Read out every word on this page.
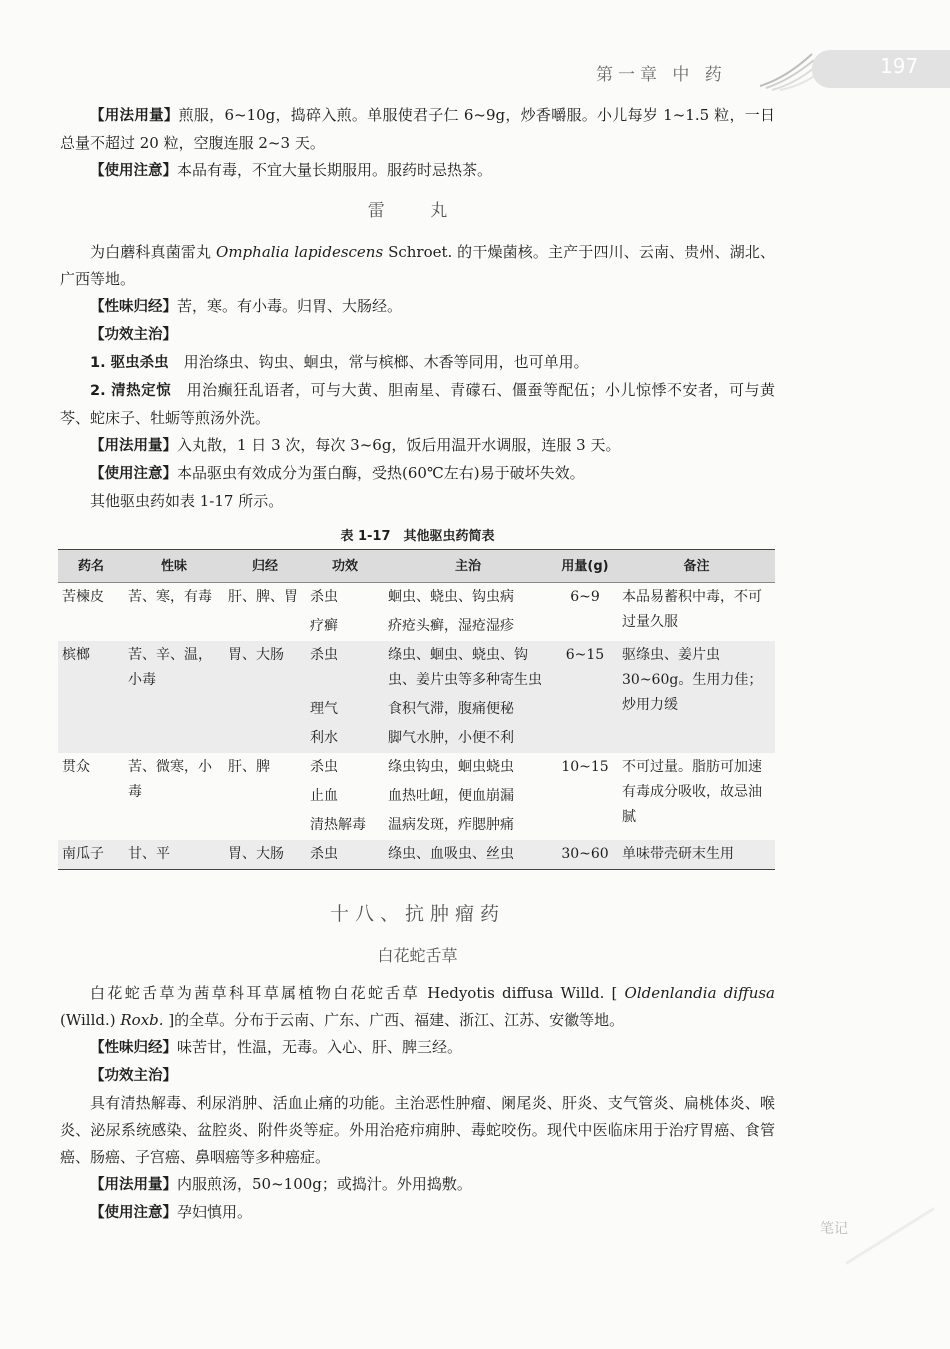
第一章 中 药	197

【用法用量】煎服，6~10g，捣碎入煎。单服使君子仁 6~9g，炒香嚼服。小儿每岁 1~1.5 粒，一日总量不超过 20 粒，空腹连服 2~3 天。

【使用注意】本品有毒，不宜大量长期服用。服药时忌热茶。

雷 丸

为白蘑科真菌雷丸 Omphalia lapidescens Schroet. 的干燥菌核。主产于四川、云南、贵州、湖北、广西等地。

【性味归经】苦，寒。有小毒。归胃、大肠经。

【功效主治】

1. 驱虫杀虫　用治绦虫、钩虫、蛔虫，常与槟榔、木香等同用，也可单用。

2. 清热定惊　用治癫狂乱语者，可与大黄、胆南星、青礞石、僵蚕等配伍；小儿惊悸不安者，可与黄芩、蛇床子、牡蛎等煎汤外洗。

【用法用量】入丸散，1 日 3 次，每次 3~6g，饭后用温开水调服，连服 3 天。

【使用注意】本品驱虫有效成分为蛋白酶，受热(60℃左右)易于破坏失效。

其他驱虫药如表 1-17 所示。

表 1-17　其他驱虫药简表
药名	性味	归经	功效	主治	用量(g)	备注
苦楝皮	苦、寒，有毒	肝、脾、胃	杀虫	蛔虫、蛲虫、钩虫病	6~9	本品易蓄积中毒，不可过量久服
			疗癣	疥疮头癣，湿疮湿疹		
槟榔	苦、辛、温，小毒	胃、大肠	杀虫	绦虫、蛔虫、蛲虫、钩虫、姜片虫等多种寄生虫	6~15	驱绦虫、姜片虫 30~60g。生用力佳；炒用力缓
			理气	食积气滞，腹痛便秘		
			利水	脚气水肿，小便不利		
贯众	苦、微寒，小毒	肝、脾	杀虫	绦虫钩虫，蛔虫蛲虫	10~15	不可过量。脂肪可加速有毒成分吸收，故忌油腻
			止血	血热吐衄，便血崩漏		
			清热解毒	温病发斑，痄腮肿痛		
南瓜子	甘、平	胃、大肠	杀虫	绦虫、血吸虫、丝虫	30~60	单味带壳研末生用
十八、抗肿瘤药
白花蛇舌草

白花蛇舌草为茜草科耳草属植物白花蛇舌草 Hedyotis diffusa Willd. [ Oldenlandia diffusa (Willd.) Roxb. ]的全草。分布于云南、广东、广西、福建、浙江、江苏、安徽等地。

【性味归经】味苦甘，性温，无毒。入心、肝、脾三经。

【功效主治】

具有清热解毒、利尿消肿、活血止痛的功能。主治恶性肿瘤、阑尾炎、肝炎、支气管炎、扁桃体炎、喉炎、泌尿系统感染、盆腔炎、附件炎等症。外用治疮疖痈肿、毒蛇咬伤。现代中医临床用于治疗胃癌、食管癌、肠癌、子宫癌、鼻咽癌等多种癌症。

【用法用量】内服煎汤，50~100g；或捣汁。外用捣敷。

【使用注意】孕妇慎用。

笔记
